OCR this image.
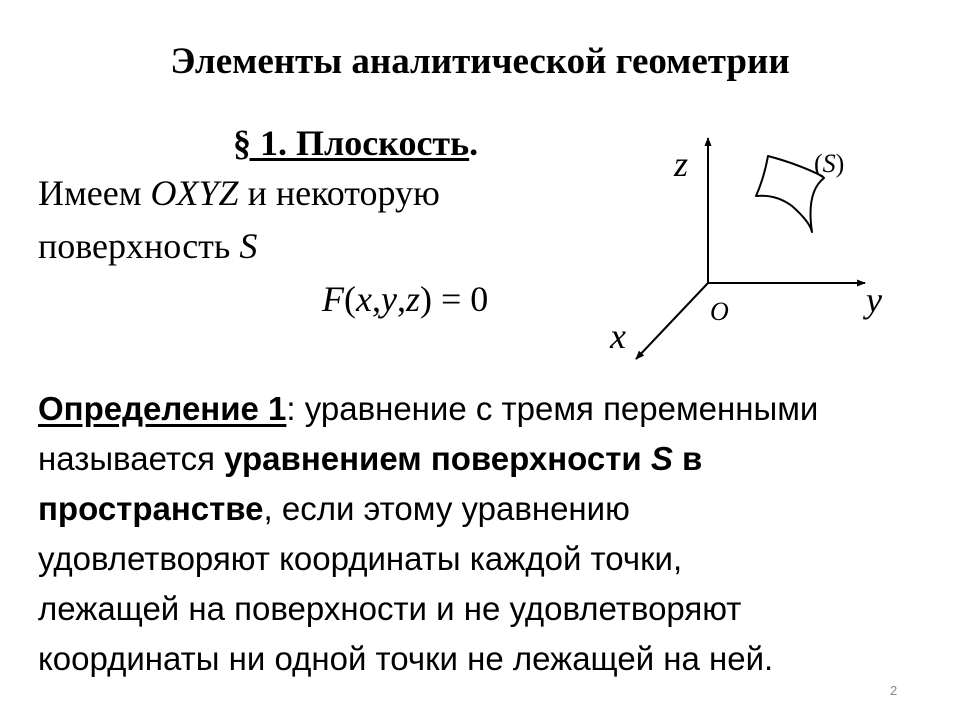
Элементы аналитической геометрии
§ 1. Плоскость.
Имеем OXYZ и некоторую
поверхность S
F(x,y,z) = 0
z
y
x
O
(S)
Определение 1: уравнение с тремя переменными
называется уравнением поверхности S в
пространстве, если этому уравнению
удовлетворяют координаты каждой точки,
лежащей на поверхности и не удовлетворяют
координаты ни одной точки не лежащей на ней.
2
